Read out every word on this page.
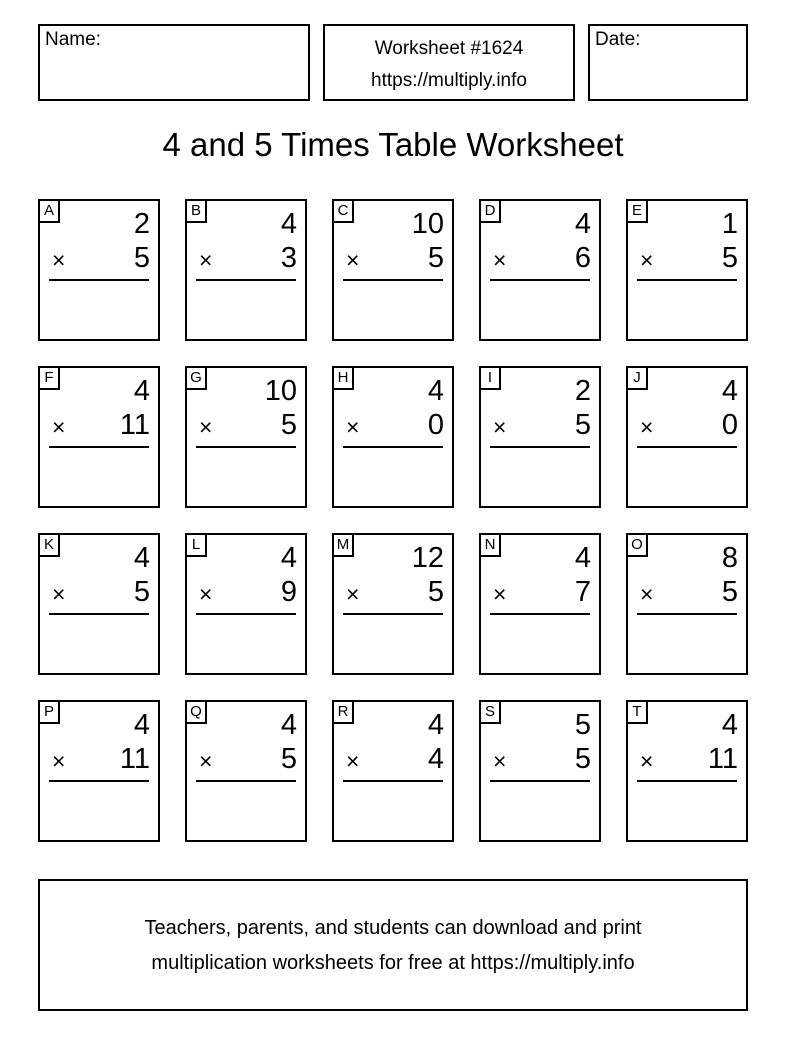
Name:	Worksheet #1624
https://multiply.info
Date:
4 and 5 Times Table Worksheet
A	2
× 5
B	4
× 3
C 10
× 5
D	4
× 6
E	1
× 5
F	4
× 11
G 10
× 5
H	4
× 0
I	2
× 5
J	4
× 0
K	4
× 5
L	4
× 9
M 12
× 5
N	4
× 7
O	8
× 5
P	4
× 11
Q	4
× 5
R	4
× 4
S	5
× 5
T	4
× 11
Teachers, parents, and students can download and print
multiplication worksheets for free at https://multiply.info
